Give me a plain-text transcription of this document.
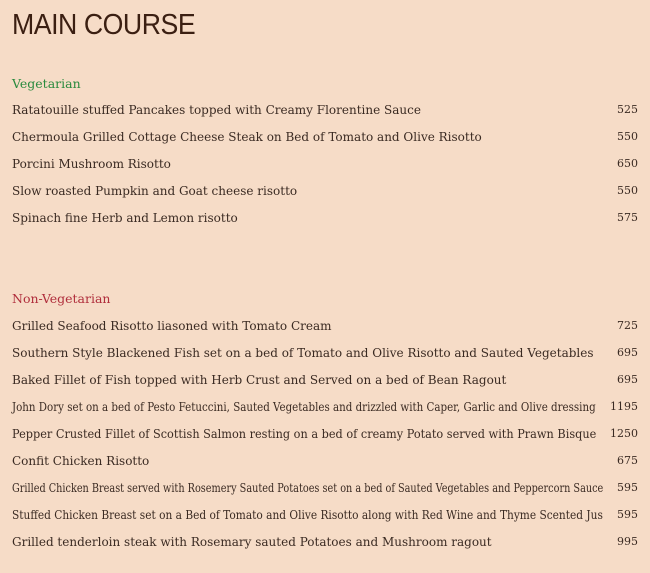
MAIN COURSE
Vegetarian
Ratatouille stuffed Pancakes topped with Creamy Florentine Sauce	525
Chermoula Grilled Cottage Cheese Steak on Bed of Tomato and Olive Risotto	550
Porcini Mushroom Risotto	650
Slow roasted Pumpkin and Goat cheese risotto	550
Spinach fine Herb and Lemon risotto	575
Non-Vegetarian
Grilled Seafood Risotto liasoned with Tomato Cream	725
Southern Style Blackened Fish set on a bed of Tomato and Olive Risotto and Sauted Vegetables 695
Baked Fillet of Fish topped with Herb Crust and Served on a bed of Bean Ragout	695
John Dory set on a bed of Pesto Fetuccini, Sauted Vegetables and drizzled with Caper, Garlic and Olive dressing 1195
Pepper Crusted Fillet of Scottish Salmon resting on a bed of creamy Potato served with Prawn Bisque 1250
Confit Chicken Risotto	675
Grilled Chicken Breast served with Rosemery Sauted Potatoes set on a bed of Sauted Vegetables and Peppercorn Sauce 595
Stuffed Chicken Breast set on a Bed of Tomato and Olive Risotto along with Red Wine and Thyme Scented Jus 595
Grilled tenderloin steak with Rosemary sauted Potatoes and Mushroom ragout	995
